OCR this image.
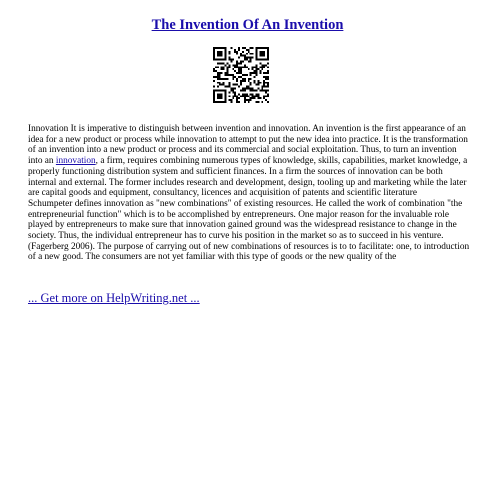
The Invention Of An Invention

Innovation It is imperative to distinguish between invention and innovation. An invention is the first appearance of an idea for a new product or process while innovation to attempt to put the new idea into practice. It is the transformation of an invention into a new product or process and its commercial and social exploitation. Thus, to turn an invention into an innovation, a firm, requires combining numerous types of knowledge, skills, capabilities, market knowledge, a properly functioning distribution system and sufficient finances. In a firm the sources of innovation can be both internal and external. The former includes research and development, design, tooling up and marketing while the later are capital goods and equipment, consultancy, licences and acquisition of patents and scientific literature

Schumpeter defines innovation as "new combinations" of existing resources. He called the work of combination "the entrepreneurial function" which is to be accomplished by entrepreneurs. One major reason for the invaluable role played by entrepreneurs to make sure that innovation gained ground was the widespread resistance to change in the society. Thus, the individual entrepreneur has to curve his position in the market so as to succeed in his venture. (Fagerberg 2006). The purpose of carrying out of new combinations of resources is to to facilitate: one, to introduction of a new good. The consumers are not yet familiar with this type of goods or the new quality of the

... Get more on HelpWriting.net ...
